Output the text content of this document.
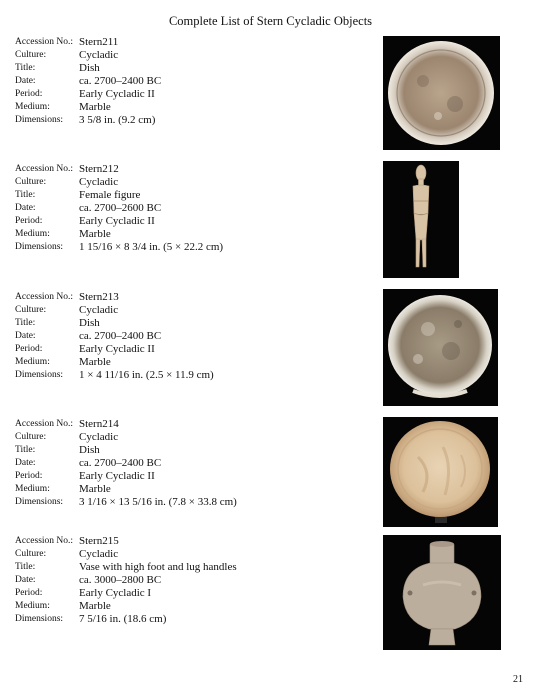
Complete List of Stern Cycladic Objects
Accession No.: Stern211
Culture:	Cycladic
Title:	Dish
Date:	ca. 2700–2400 BC
Period:	Early Cycladic II
Medium:	Marble
Dimensions:	3 5/8 in. (9.2 cm)
Accession No.: Stern212
Culture:	Cycladic
Title:	Female figure
Date:	ca. 2700–2600 BC
Period:	Early Cycladic II
Medium:	Marble
Dimensions:	1 15/16 × 8 3/4 in. (5 × 22.2 cm)
Accession No.: Stern213
Culture:	Cycladic
Title:	Dish
Date:	ca. 2700–2400 BC
Period:	Early Cycladic II
Medium:	Marble
Dimensions:	1 × 4 11/16 in. (2.5 × 11.9 cm)
Accession No.: Stern214
Culture:	Cycladic
Title:	Dish
Date:	ca. 2700–2400 BC
Period:	Early Cycladic II
Medium:	Marble
Dimensions:	3 1/16 × 13 5/16 in. (7.8 × 33.8 cm)
Accession No.: Stern215
Culture:	Cycladic
Title:	Vase with high foot and lug handles
Date:	ca. 3000–2800 BC
Period:	Early Cycladic I
Medium:	Marble
Dimensions:	7 5/16 in. (18.6 cm)
21
